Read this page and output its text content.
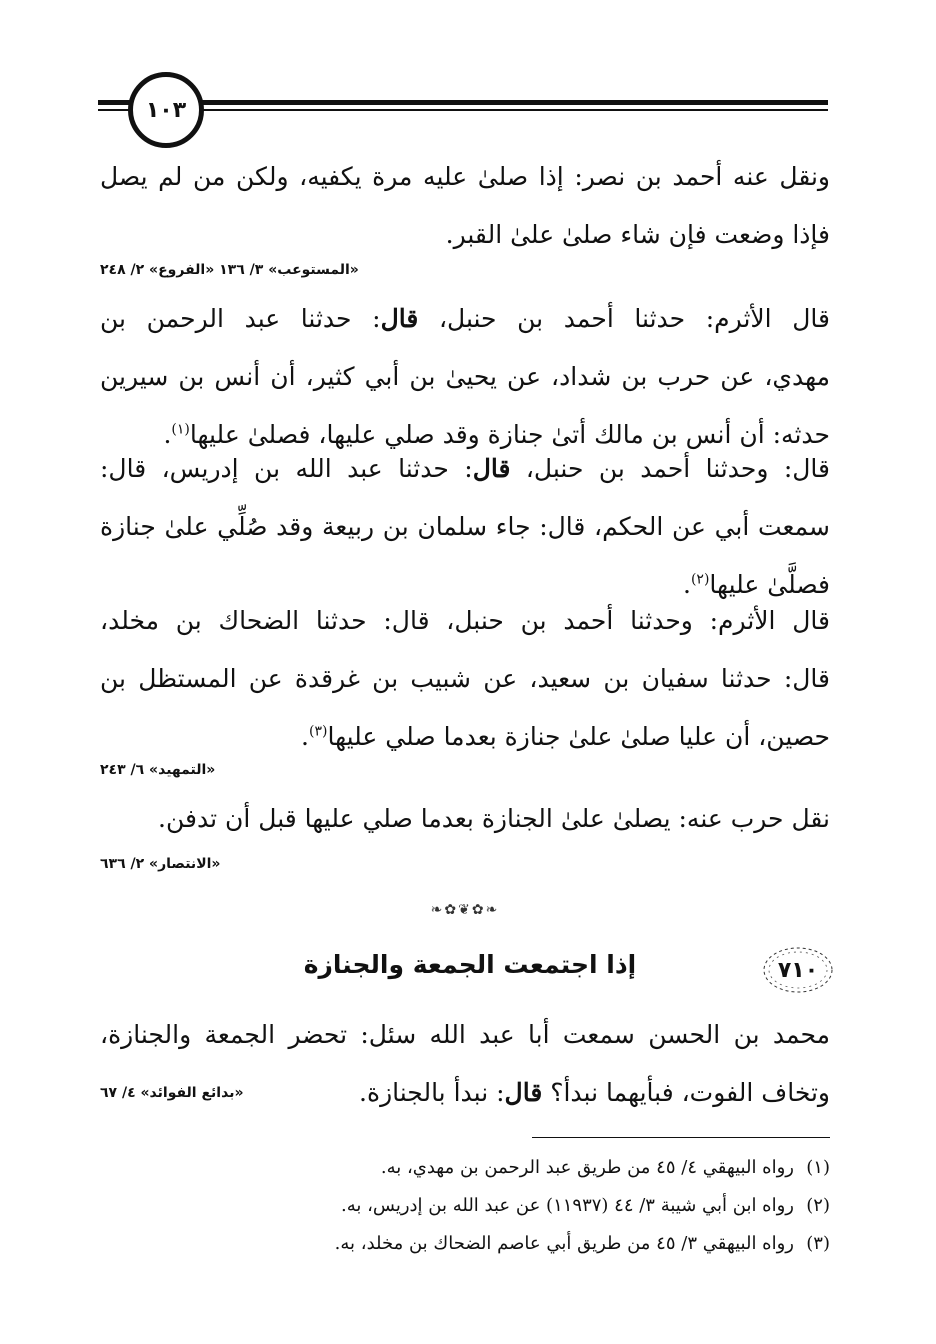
١٠٣
ونقل عنه أحمد بن نصر: إذا صلىٰ عليه مرة يكفيه، ولكن من لم يصل
فإذا وضعت فإن شاء صلىٰ علىٰ القبر.
«المستوعب» ٣/ ١٣٦ «الفروع» ٢/ ٢٤٨
قال الأثرم: حدثنا أحمد بن حنبل، قال: حدثنا عبد الرحمن بن
مهدي، عن حرب بن شداد، عن يحيىٰ بن أبي كثير، أن أنس بن سيرين
حدثه: أن أنس بن مالك أتىٰ جنازة وقد صلي عليها، فصلىٰ عليها$^{(١)}$.
قال: وحدثنا أحمد بن حنبل، قال: حدثنا عبد الله بن إدريس، قال:
سمعت أبي عن الحكم، قال: جاء سلمان بن ربيعة وقد صُلِّي علىٰ جنازة
فصلَّىٰ عليها$^{(٢)}$.
قال الأثرم: وحدثنا أحمد بن حنبل، قال: حدثنا الضحاك بن مخلد،
قال: حدثنا سفيان بن سعيد، عن شبيب بن غرقدة عن المستظل بن
حصين، أن عليا صلىٰ علىٰ جنازة بعدما صلي عليها$^{(٣)}$.
«التمهيد» ٦/ ٢٤٣
نقل حرب عنه: يصلىٰ علىٰ الجنازة بعدما صلي عليها قبل أن تدفن.
«الانتصار» ٢/ ٦٣٦
❧✿❦✿❧
٧١٠
إذا اجتمعت الجمعة والجنازة
محمد بن الحسن سمعت أبا عبد الله سئل: تحضر الجمعة والجنازة،
وتخاف الفوت، فبأيهما نبدأ؟ قال: نبدأ بالجنازة.
«بدائع الفوائد» ٤/ ٦٧
(١)رواه البيهقي ٤/ ٤٥ من طريق عبد الرحمن بن مهدي، به.
(٢)رواه ابن أبي شيبة ٣/ ٤٤ (١١٩٣٧) عن عبد الله بن إدريس، به.
(٣)رواه البيهقي ٣/ ٤٥ من طريق أبي عاصم الضحاك بن مخلد، به.
